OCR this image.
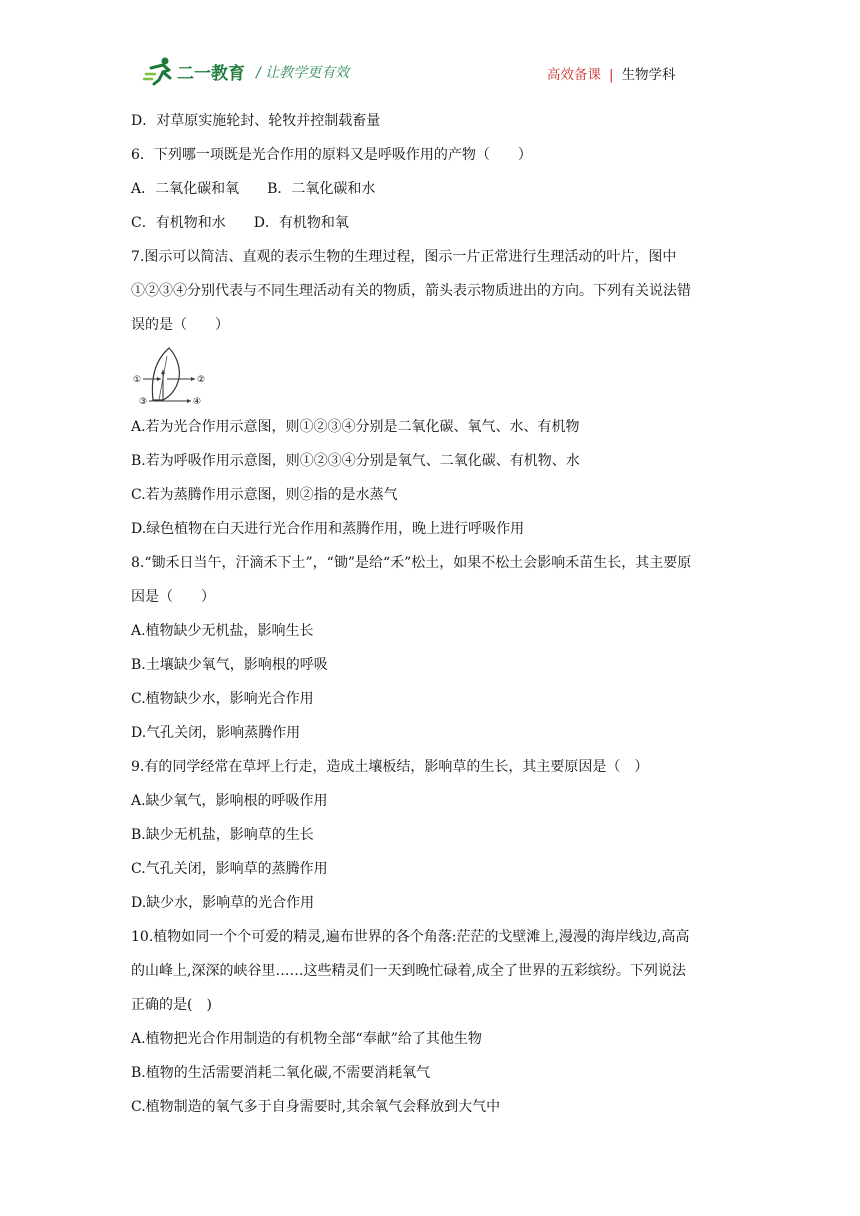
二一教育 / 让教学更有效	高效备课 | 生物学科
D．对草原实施轮封、轮牧并控制载畜量
6．下列哪一项既是光合作用的原料又是呼吸作用的产物（　　）
A．二氧化碳和氧　　B．二氧化碳和水
C．有机物和水　　D．有机物和氧
7.图示可以简洁、直观的表示生物的生理过程，图示一片正常进行生理活动的叶片，图中
①②③④分别代表与不同生理活动有关的物质，箭头表示物质进出的方向。下列有关说法错
误的是（　　）
①	②
③	④
A.若为光合作用示意图，则①②③④分别是二氧化碳、氧气、水、有机物
B.若为呼吸作用示意图，则①②③④分别是氧气、二氧化碳、有机物、水
C.若为蒸腾作用示意图，则②指的是水蒸气
D.绿色植物在白天进行光合作用和蒸腾作用，晚上进行呼吸作用
8.“锄禾日当午，汗滴禾下土”，“锄”是给“禾”松土，如果不松土会影响禾苗生长，其主要原
因是（　　）
A.植物缺少无机盐，影响生长
B.土壤缺少氧气，影响根的呼吸
C.植物缺少水，影响光合作用
D.气孔关闭，影响蒸腾作用
9.有的同学经常在草坪上行走，造成土壤板结，影响草的生长，其主要原因是（　）
A.缺少氧气，影响根的呼吸作用
B.缺少无机盐，影响草的生长
C.气孔关闭，影响草的蒸腾作用
D.缺少水，影响草的光合作用
10.植物如同一个个可爱的精灵,遍布世界的各个角落:茫茫的戈壁滩上,漫漫的海岸线边,高高
的山峰上,深深的峡谷里……这些精灵们一天到晚忙碌着,成全了世界的五彩缤纷。下列说法
正确的是(　)
A.植物把光合作用制造的有机物全部“奉献”给了其他生物
B.植物的生活需要消耗二氧化碳,不需要消耗氧气
C.植物制造的氧气多于自身需要时,其余氧气会释放到大气中
